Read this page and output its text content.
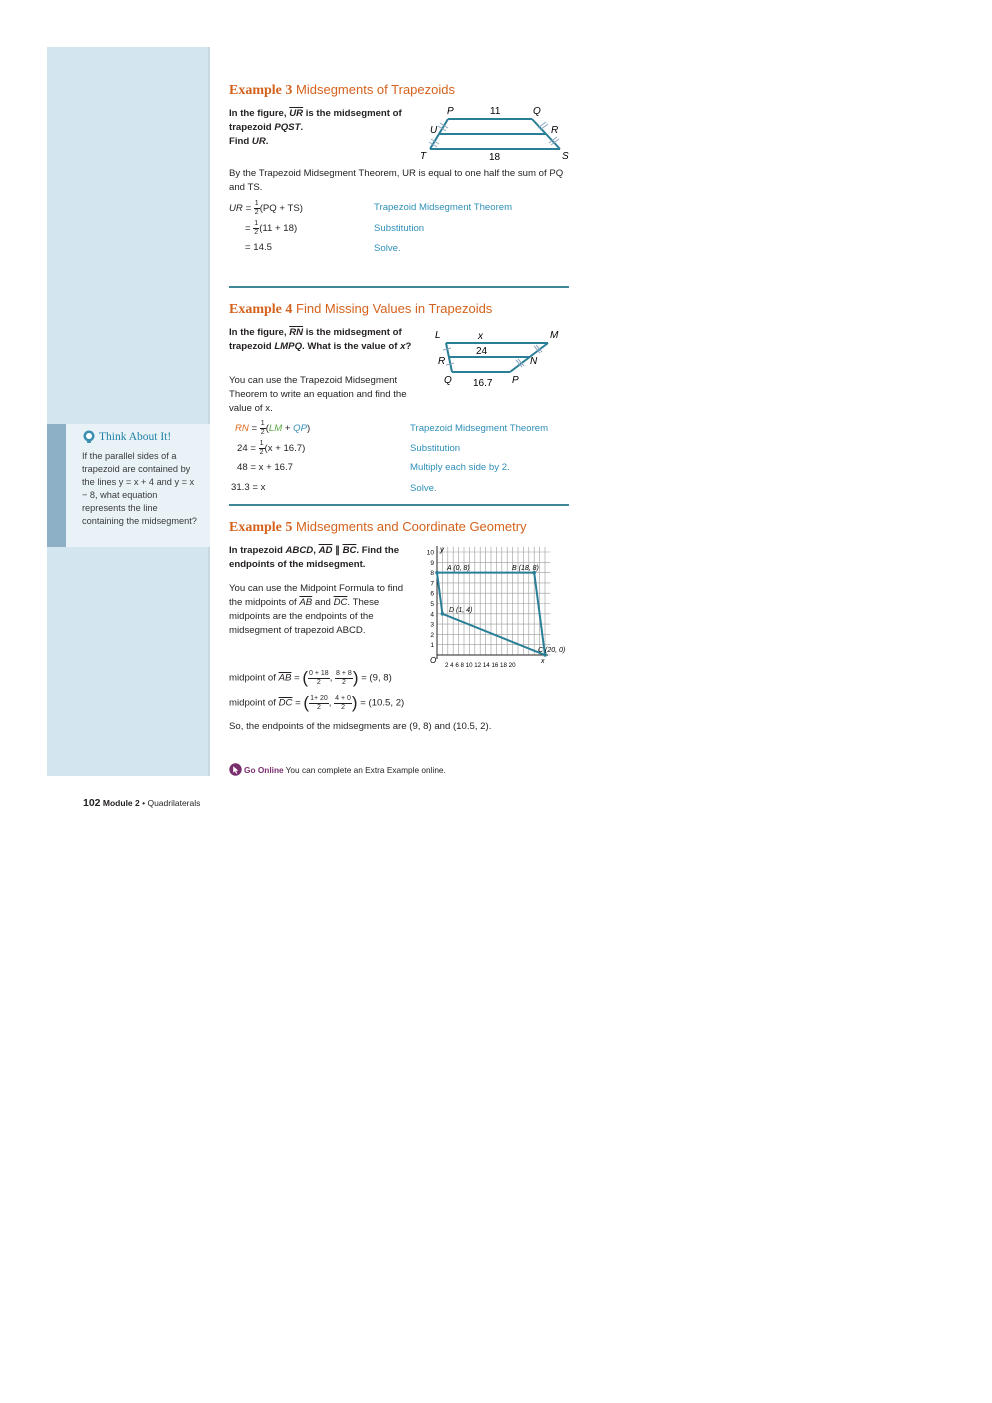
Think About It!
If the parallel sides of a trapezoid are contained by the lines y = x + 4 and y = x − 8, what equation represents the line containing the midsegment?
Example 3 Midsegments of Trapezoids
In the figure, $\overline{UR}$ is the midsegment of trapezoid PQST.
Find UR.
P	11	Q
U	R
T	18	S
By the Trapezoid Midsegment Theorem, UR is equal to one half the sum of PQ and TS.
UR = $\frac{1}{2} (PQ + TS)$	Trapezoid Midsegment Theorem
= $\frac{1}{2} (11 + 18)$	Substitution
= 14.5	Solve.
Example 4 Find Missing Values in Trapezoids
In the figure, $\overline{RN}$ is the midsegment of trapezoid LMPQ. What is the value of x?
L	x	M
24
R	N
Q 16.7 P
You can use the Trapezoid Midsegment Theorem to write an equation and find the value of x.
RN = $\frac{1}{2} (LM + QP)$	Trapezoid Midsegment Theorem
$24 = \frac{1}{2} (x + 16.7)$	Substitution
48 = x + 16.7	Multiply each side by 2.
31.3 = x	Solve.
Example 5 Midsegments and Coordinate Geometry
In trapezoid ABCD, $\overline{AD}$ ∥ $\overline{BC}$. Find the endpoints of the midsegment.
You can use the Midpoint Formula to find the midpoints of $\overline{AB}$ and $\overline{DC}$. These midpoints are the endpoints of the midsegment of trapezoid ABCD.
y
x
O
10
9
8
7
6
5
4
3
2
1
2 4 6 8 10 12 14 16 18 20
A (0, 8)	B (18, 8)
D (1, 4)
C (20, 0)
midpoint of $\overline{AB}$ = ( $\frac{0 + 18}{2}$ , $\frac{8 + 8}{2}$ ) = (9, 8)
midpoint of $\overline{DC}$ = ( $\frac{1+ 20}{2}$ , $\frac{4 + 0}{2}$ ) = (10.5, 2)
So, the endpoints of the midsegments are (9, 8) and (10.5, 2).
Go Online You can complete an Extra Example online.
102 Module 2 • Quadrilaterals
